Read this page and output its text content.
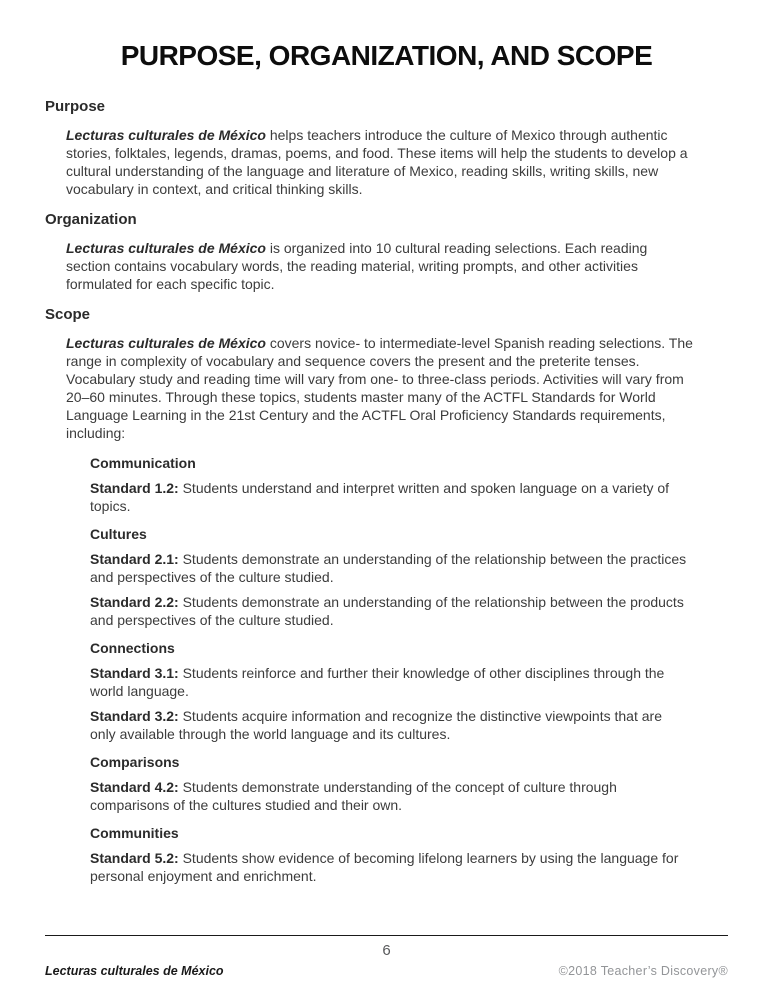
PURPOSE, ORGANIZATION, AND SCOPE
Purpose

Lecturas culturales de México helps teachers introduce the culture of Mexico through authentic stories, folktales, legends, dramas, poems, and food. These items will help the students to develop a cultural understanding of the language and literature of Mexico, reading skills, writing skills, new vocabulary in context, and critical thinking skills.

Organization

Lecturas culturales de México is organized into 10 cultural reading selections. Each reading section contains vocabulary words, the reading material, writing prompts, and other activities formulated for each specific topic.

Scope

Lecturas culturales de México covers novice- to intermediate-level Spanish reading selections. The range in complexity of vocabulary and sequence covers the present and the preterite tenses. Vocabulary study and reading time will vary from one- to three-class periods. Activities will vary from 20–60 minutes. Through these topics, students master many of the ACTFL Standards for World Language Learning in the 21st Century and the ACTFL Oral Proficiency Standards requirements, including:

Communication

Standard 1.2: Students understand and interpret written and spoken language on a variety of topics.

Cultures

Standard 2.1: Students demonstrate an understanding of the relationship between the practices and perspectives of the culture studied.

Standard 2.2: Students demonstrate an understanding of the relationship between the products and perspectives of the culture studied.

Connections

Standard 3.1: Students reinforce and further their knowledge of other disciplines through the world language.

Standard 3.2: Students acquire information and recognize the distinctive viewpoints that are only available through the world language and its cultures.

Comparisons

Standard 4.2: Students demonstrate understanding of the concept of culture through comparisons of the cultures studied and their own.

Communities

Standard 5.2: Students show evidence of becoming lifelong learners by using the language for personal enjoyment and enrichment.

6
Lecturas culturales de México	©2018 Teacher’s Discovery®
